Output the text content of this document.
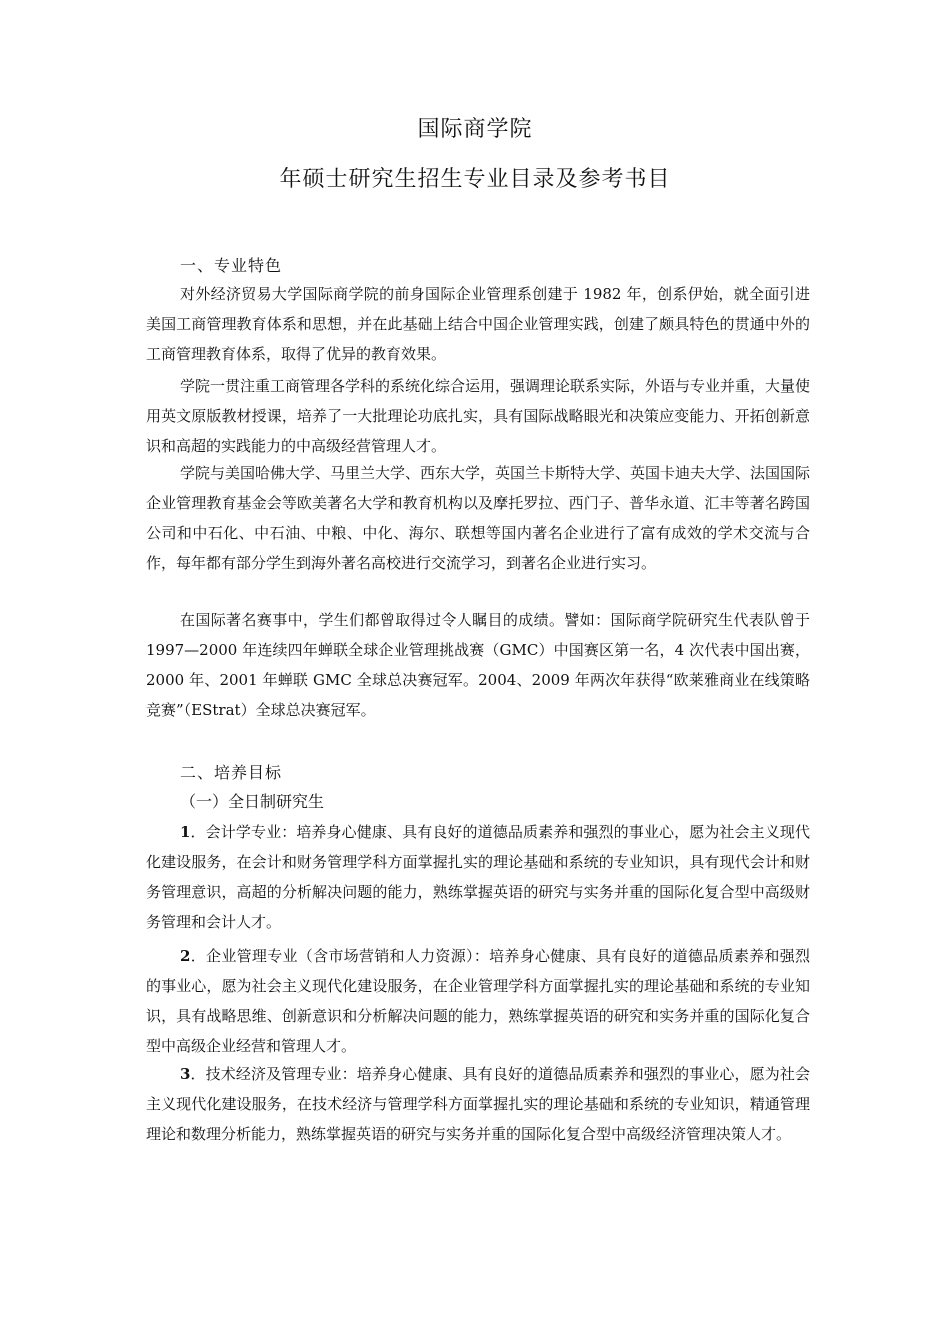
国际商学院
年硕士研究生招生专业目录及参考书目
一、专业特色

对外经济贸易大学国际商学院的前身国际企业管理系创建于 1982 年，创系伊始，就全面引进美国工商管理教育体系和思想，并在此基础上结合中国企业管理实践，创建了颇具特色的贯通中外的工商管理教育体系，取得了优异的教育效果。

学院一贯注重工商管理各学科的系统化综合运用，强调理论联系实际，外语与专业并重，大量使用英文原版教材授课，培养了一大批理论功底扎实，具有国际战略眼光和决策应变能力、开拓创新意识和高超的实践能力的中高级经营管理人才。

学院与美国哈佛大学、马里兰大学、西东大学，英国兰卡斯特大学、英国卡迪夫大学、法国国际企业管理教育基金会等欧美著名大学和教育机构以及摩托罗拉、西门子、普华永道、汇丰等著名跨国公司和中石化、中石油、中粮、中化、海尔、联想等国内著名企业进行了富有成效的学术交流与合作，每年都有部分学生到海外著名高校进行交流学习，到著名企业进行实习。

在国际著名赛事中，学生们都曾取得过令人瞩目的成绩。譬如：国际商学院研究生代表队曾于 1997—2000 年连续四年蝉联全球企业管理挑战赛（GMC）中国赛区第一名，4 次代表中国出赛，2000 年、2001 年蝉联 GMC 全球总决赛冠军。2004、2009 年两次年获得“欧莱雅商业在线策略竞赛”（EStrat）全球总决赛冠军。

二、培养目标
（一）全日制研究生

1．会计学专业：培养身心健康、具有良好的道德品质素养和强烈的事业心，愿为社会主义现代化建设服务，在会计和财务管理学科方面掌握扎实的理论基础和系统的专业知识，具有现代会计和财务管理意识，高超的分析解决问题的能力，熟练掌握英语的研究与实务并重的国际化复合型中高级财务管理和会计人才。

2．企业管理专业（含市场营销和人力资源）：培养身心健康、具有良好的道德品质素养和强烈的事业心，愿为社会主义现代化建设服务，在企业管理学科方面掌握扎实的理论基础和系统的专业知识，具有战略思维、创新意识和分析解决问题的能力，熟练掌握英语的研究和实务并重的国际化复合型中高级企业经营和管理人才。

3．技术经济及管理专业：培养身心健康、具有良好的道德品质素养和强烈的事业心，愿为社会主义现代化建设服务，在技术经济与管理学科方面掌握扎实的理论基础和系统的专业知识，精通管理理论和数理分析能力，熟练掌握英语的研究与实务并重的国际化复合型中高级经济管理决策人才。
